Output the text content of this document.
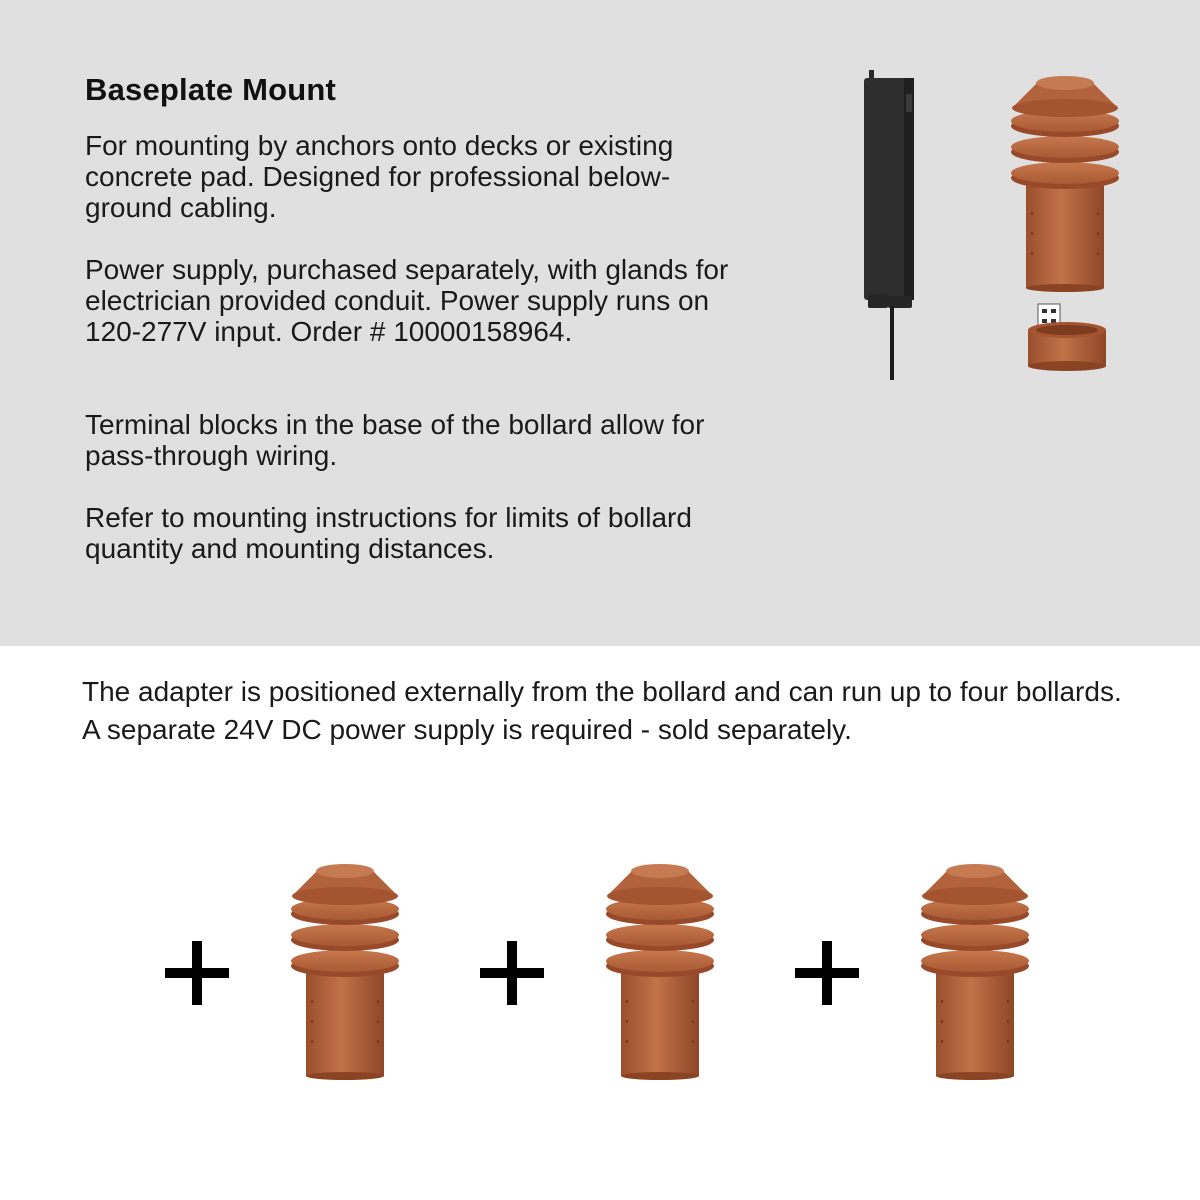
Baseplate Mount

For mounting by anchors onto decks or existing concrete pad. Designed for professional below-ground cabling.

Power supply, purchased separately, with glands for electrician provided conduit. Power supply runs on 120-277V input. Order # 10000158964.

Terminal blocks in the base of the bollard allow for pass-through wiring.

Refer to mounting instructions for limits of bollard quantity and mounting distances.

The adapter is positioned externally from the bollard and can run up to four bollards. A separate 24V DC power supply is required - sold separately.
